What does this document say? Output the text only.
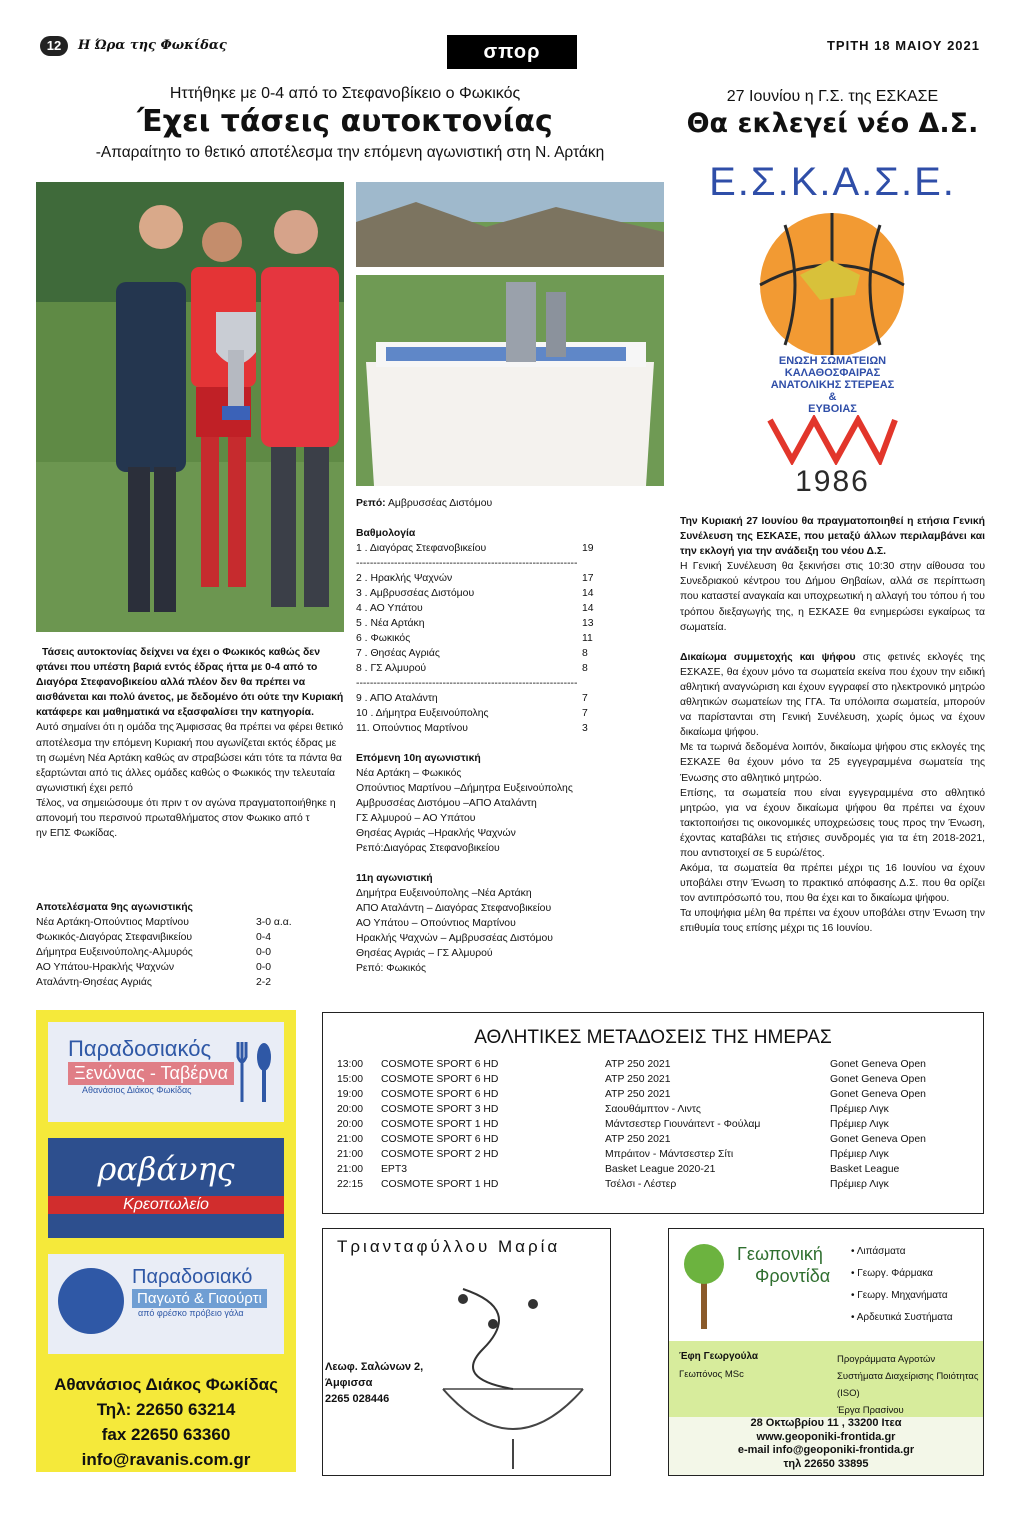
12	Η Ώρα της Φωκίδας	σπορ	ΤΡΙΤΗ 18 ΜΑΙΟΥ 2021
Ηττήθηκε με 0-4 από το Στεφανοβίκειο ο Φωκικός
Έχει τάσεις αυτοκτονίας
-Απαραίτητο το θετικό αποτέλεσμα την επόμενη αγωνιστική στη Ν. Αρτάκη
Τάσεις αυτοκτονίας δείχνει να έχει ο Φωκικός καθώς δεν φτάνει που υπέστη βαριά εντός έδρας ήττα με 0-4 από το Διαγόρα Στεφανοβικείου αλλά πλέον δεν θα πρέπει να αισθάνεται και πολύ άνετος, με δεδομένο ότι ούτε την Κυριακή κατάφερε και μαθηματικά να εξασφαλίσει την κατηγορία.
Αυτό σημαίνει ότι η ομάδα της Άμφισσας θα πρέπει να φέρει θετικό αποτέλεσμα την επόμενη Κυριακή που αγωνίζεται εκτός έδρας με τη σωμένη Νέα Αρτάκη καθώς αν στραβώσει κάτι τότε τα πάντα θα εξαρτώνται από τις άλλες ομάδες καθώς ο Φωκικός την τελευταία αγωνιστική έχει ρεπό
Τέλος, να σημειώσουμε ότι πριν τ ον αγώνα πραγματοποιήθηκε η απονομή του περσινού πρωταθλήματος στον Φωκικο από τ
ην ΕΠΣ Φωκίδας.
Αποτελέσματα 9ης αγωνιστικής
Νέα Αρτάκη-Οπούντιος Μαρτίνου	3-0 α.α.
Φωκικός-Διαγόρας Στεφανιβικείου	0-4
Δήμητρα Ευξεινούπολης-Αλμυρός	0-0
ΑΟ Υπάτου-Ηρακλής Ψαχνών	0-0
Αταλάντη-Θησέας Αγριάς	2-2
Ρεπό: Αμβρυσσέας Διστόμου
Βαθμολογία
1 . Διαγόρας Στεφανοβικείου	19
----------------------------------------------------------------
2 . Ηρακλής Ψαχνών	17
3 . Αμβρυσσέας Διστόμου	14
4 . ΑΟ Υπάτου	14
5 . Νέα Αρτάκη	13
6 . Φωκικός	11
7 . Θησέας Αγριάς	8
8 . ΓΣ Αλμυρού	8
----------------------------------------------------------------
9 . ΑΠΟ Αταλάντη	7
10 . Δήμητρα Ευξεινούπολης	7
11. Οπούντιος Μαρτίνου	3
Επόμενη 10η αγωνιστική
Νέα Αρτάκη – Φωκικός
Οπούντιος Μαρτίνου –Δήμητρα Ευξεινούπολης
Αμβρυσσέας Διστόμου –ΑΠΟ Αταλάντη
ΓΣ Αλμυρού – ΑΟ Υπάτου
Θησέας Αγριάς –Ηρακλής Ψαχνών
Ρεπό:Διαγόρας Στεφανοβικείου
11η αγωνιστική
Δημήτρα Ευξεινούπολης –Νέα Αρτάκη
ΑΠΟ Αταλάντη – Διαγόρας Στεφανοβικείου
ΑΟ Υπάτου – Οπούντιος Μαρτίνου
Ηρακλής Ψαχνών – Αμβρυσσέας Διστόμου
Θησέας Αγριάς – ΓΣ Αλμυρού
Ρεπό: Φωκικός
27 Ιουνίου η Γ.Σ. της ΕΣΚΑΣΕ
Θα εκλεγεί νέο Δ.Σ.
Ε.Σ.Κ.Α.Σ.Ε.
ΕΝΩΣΗ ΣΩΜΑΤΕΙΩΝ
ΚΑΛΑΘΟΣΦΑΙΡΑΣ
ΑΝΑΤΟΛΙΚΗΣ ΣΤΕΡΕΑΣ
&
ΕΥΒΟΙΑΣ
1986
Την Κυριακή 27 Ιουνίου θα πραγματοποιηθεί η ετήσια Γενική Συνέλευση της ΕΣΚΑΣΕ, που μεταξύ άλλων περιλαμβάνει και την εκλογή για την ανάδειξη του νέου Δ.Σ.
Η Γενική Συνέλευση θα ξεκινήσει στις 10:30 στην αίθουσα του Συνεδριακού κέντρου του Δήμου Θηβαίων, αλλά σε περίπτωση που καταστεί αναγκαία και υποχρεωτική η αλλαγή του τόπου ή του τρόπου διεξαγωγής της, η ΕΣΚΑΣΕ θα ενημερώσει εγκαίρως τα σωματεία.
Δικαίωμα συμμετοχής και ψήφου στις φετινές εκλογές της ΕΣΚΑΣΕ, θα έχουν μόνο τα σωματεία εκείνα που έχουν την ειδική αθλητική αναγνώριση και έχουν εγγραφεί στο ηλεκτρονικό μητρώο αθλητικών σωματείων της ΓΓΑ. Τα υπόλοιπα σωματεία, μπορούν να παρίστανται στη Γενική Συνέλευση, χωρίς όμως να έχουν δικαίωμα ψήφου.
Με τα τωρινά δεδομένα λοιπόν, δικαίωμα ψήφου στις εκλογές της ΕΣΚΑΣΕ θα έχουν μόνο τα 25 εγγεγραμμένα σωματεία της Ένωσης στο αθλητικό μητρώο.
Επίσης, τα σωματεία που είναι εγγεγραμμένα στο αθλητικό μητρώο, για να έχουν δικαίωμα ψήφου θα πρέπει να έχουν τακτοποιήσει τις οικονομικές υποχρεώσεις τους προς την Ένωση, έχοντας καταβάλει τις ετήσιες συνδρομές για τα έτη 2018-2021, που αντιστοιχεί σε 5 ευρώ/έτος.
Ακόμα, τα σωματεία θα πρέπει μέχρι τις 16 Ιουνίου να έχουν υποβάλει στην Ένωση το πρακτικό απόφασης Δ.Σ. που θα ορίζει τον αντιπρόσωπό του, που θα έχει και το δικαίωμα ψήφου.
Τα υποψήφια μέλη θα πρέπει να έχουν υποβάλει στην Ένωση την επιθυμία τους επίσης μέχρι τις 16 Ιουνίου.
Παραδοσιακός
Ξενώνας - Ταβέρνα
Αθανάσιος Διάκος Φωκίδας
ραβάνης
Κρεοπωλείο
Παραδοσιακό
Παγωτό & Γιαούρτι
από φρέσκο πρόβειο γάλα
Αθανάσιος Διάκος Φωκίδας
Τηλ: 22650 63214
fax 22650 63360
info@ravanis.com.gr
ΑΘΛΗΤΙΚΕΣ ΜΕΤΑΔΟΣΕΙΣ ΤΗΣ ΗΜΕΡΑΣ
13:00	COSMOTE SPORT 6 HD	ATP 250 2021	Gonet Geneva Open
15:00	COSMOTE SPORT 6 HD	ATP 250 2021	Gonet Geneva Open
19:00	COSMOTE SPORT 6 HD	ATP 250 2021	Gonet Geneva Open
20:00	COSMOTE SPORT 3 HD	Σαουθάμπτον - Λιντς	Πρέμιερ Λιγκ
20:00	COSMOTE SPORT 1 HD	Μάντσεστερ Γιουνάιτεντ - Φούλαμ	Πρέμιερ Λιγκ
21:00	COSMOTE SPORT 6 HD	ATP 250 2021	Gonet Geneva Open
21:00	COSMOTE SPORT 2 HD	Μπράιτον - Μάντσεστερ Σίτι	Πρέμιερ Λιγκ
21:00	ΕΡΤ3	Basket League 2020-21	Basket League
22:15	COSMOTE SPORT 1 HD	Τσέλσι - Λέστερ	Πρέμιερ Λιγκ
Τριανταφύλλου Μαρία
Λεωφ. Σαλώνων 2,
Άμφισσα
2265 028446
Γεωπονική
Φροντίδα
• Λιπάσματα
• Γεωργ. Φάρμακα
• Γεωργ. Μηχανήματα
• Αρδευτικά Συστήματα
Έφη Γεωργούλα
Γεωπόνος MSc
Προγράμματα Αγροτών
Συστήματα Διαχείρισης Ποιότητας (ISO)
Έργα Πρασίνου
28 Οκτωβρίου 11 , 33200 Ιτεα
www.geoponiki-frontida.gr
e-mail info@geoponiki-frontida.gr
τηλ 22650 33895
